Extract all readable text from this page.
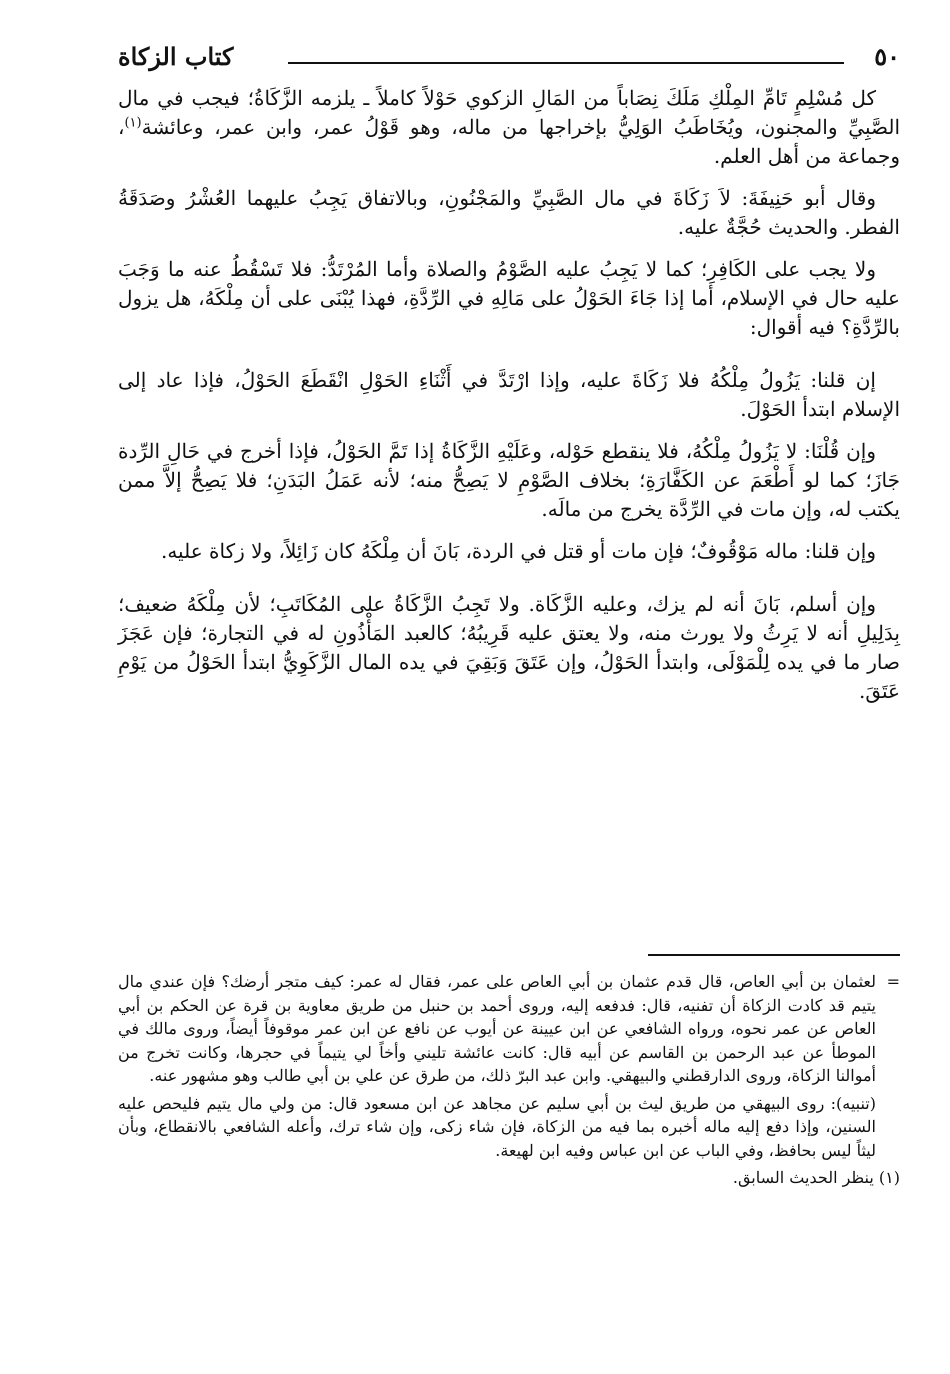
٥٠
كتاب الزكاة

كل مُسْلِمٍ تَامِّ المِلْكِ مَلَكَ نِصَاباً من المَالِ الزكوي حَوْلاً كاملاً ـ يلزمه الزَّكَاةُ؛ فيجب في مال الصَّبِيِّ والمجنون، ويُخَاطَبُ الوَلِيُّ بإخراجها من ماله، وهو قَوْلُ عمر، وابن عمر، وعائشة$^{(١)}$، وجماعة من أهل العلم.

وقال أبو حَنِيفَةَ: لاَ زَكَاةَ في مال الصَّبِيِّ والمَجْنُونِ، وبالاتفاق يَجِبُ عليهما العُشْرُ وصَدَقَةُ الفطر. والحديث حُجَّةٌ عليه.

ولا يجب على الكَافِرِ؛ كما لا يَجِبُ عليه الصَّوْمُ والصلاة وأما المُرْتَدُّ: فلا تَسْقُطُ عنه ما وَجَبَ عليه حال في الإسلام، أما إذا جَاءَ الحَوْلُ على مَالِهِ في الرِّدَّةِ، فهذا يُبْنَى على أن مِلْكَهُ، هل يزول بالرِّدَّةِ؟ فيه أقوال:

إن قلنا: يَزُولُ مِلْكُهُ فلا زَكَاةَ عليه، وإذا ارْتَدَّ في أَثْنَاءِ الحَوْلِ انْقَطَعَ الحَوْلُ، فإذا عاد إلى الإسلام ابتدأ الحَوْلَ.

وإن قُلْنَا: لا يَزُولُ مِلْكُهُ، فلا ينقطع حَوْله، وعَلَيْهِ الزَّكَاةُ إذا تَمَّ الحَوْلُ، فإذا أخرج في حَالِ الرِّدة جَازَ؛ كما لو أَطْعَمَ عن الكَفَّارَةِ؛ بخلاف الصَّوْمِ لا يَصِحُّ منه؛ لأنه عَمَلُ البَدَنِ؛ فلا يَصِحُّ إلاَّ ممن يكتب له، وإن مات في الرِّدَّة يخرج من مالَه.

وإن قلنا: ماله مَوْقُوفٌ؛ فإن مات أو قتل في الردة، بَانَ أن مِلْكَهُ كان زَائِلاً، ولا زكاة عليه.

وإن أسلم، بَانَ أنه لم يزك، وعليه الزَّكَاة. ولا تَجِبُ الزَّكَاةُ على المُكَاتَبِ؛ لأن مِلْكَهُ ضعيف؛ بِدَلِيلِ أنه لا يَرِثُ ولا يورث منه، ولا يعتق عليه قَرِيبُهُ؛ كالعبد المَأْذُونِ له في التجارة؛ فإن عَجَزَ صار ما في يده لِلْمَوْلَى، وابتدأ الحَوْلُ، وإن عَتَقَ وَبَقِيَ في يده المال الزَّكَوِيُّ ابتدأ الحَوْلُ من يَوْمِ عَتَقَ.

=
لعثمان بن أبي العاص، قال قدم عثمان بن أبي العاص على عمر، فقال له عمر: كيف متجر أرضك؟ فإن عندي مال يتيم قد كادت الزكاة أن تفنيه، قال: فدفعه إليه، وروى أحمد بن حنبل من طريق معاوية بن قرة عن الحكم بن أبي العاص عن عمر نحوه، ورواه الشافعي عن ابن عيينة عن أيوب عن نافع عن ابن عمر موقوفاً أيضاً، وروى مالك في الموطأ عن عبد الرحمن بن القاسم عن أبيه قال: كانت عائشة تليني وأخاً لي يتيماً في حجرها، وكانت تخرج من أموالنا الزكاة، وروى الدارقطني والبيهقي. وابن عبد البرّ ذلك، من طرق عن علي بن أبي طالب وهو مشهور عنه.

(تنبيه): روى البيهقي من طريق ليث بن أبي سليم عن مجاهد عن ابن مسعود قال: من ولي مال يتيم فليحص عليه السنين، وإذا دفع إليه ماله أخبره بما فيه من الزكاة، فإن شاء زكى، وإن شاء ترك، وأعله الشافعي بالانقطاع، وبأن ليثاً ليس بحافظ، وفي الباب عن ابن عباس وفيه ابن لهيعة.

(١) ينظر الحديث السابق.
